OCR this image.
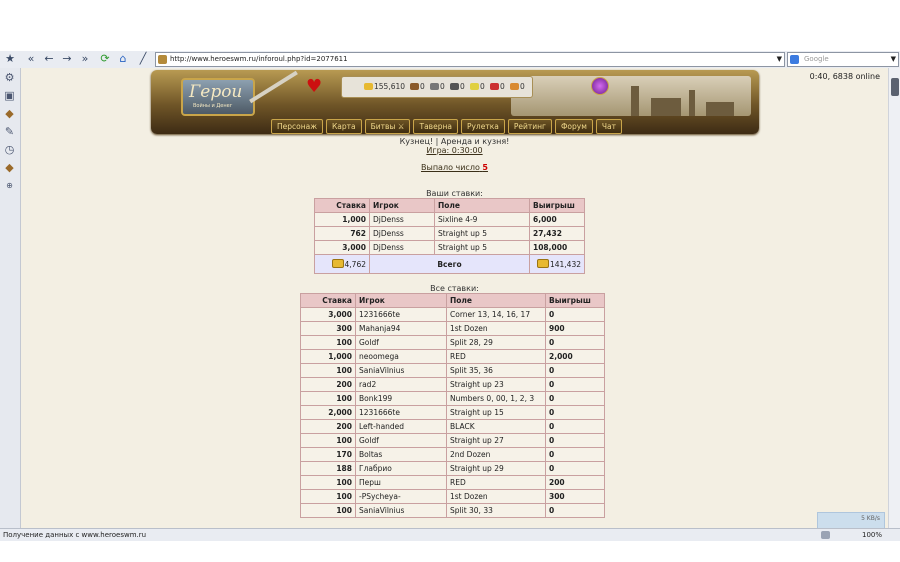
★	« ← → »	⟳ ⌂	╱	http://www.heroeswm.ru/inforoul.php?id=2077611	▼	Google	▼
⚙
▣
◆
✎
◷
◆
⊕
0:40, 6838 online
Герои
Войны и Денег
♥	155,610	0	0	0	0	0	0
Персонаж	Карта	Битвы ⚔	Таверна	Рулетка	Рейтинг	Форум	Чат
Кузнец! | Аренда и кузня!
Игра: 0:30:00
Выпало число 5
Ваши ставки:
Ставка	Игрок	Поле	Выигрыш
1,000	DjDenss	Sixline 4-9	6,000
762	DjDenss	Straight up 5	27,432
3,000	DjDenss	Straight up 5	108,000
4,762	Всего		141,432
Все ставки:
Ставка	Игрок	Поле	Выигрыш
3,000	1231666te	Corner 13, 14, 16, 17	0
300	Mahanja94	1st Dozen	900
100	Goldf	Split 28, 29	0
1,000	neoomega	RED	2,000
100	SaniaVilnius	Split 35, 36	0
200	rad2	Straight up 23	0
100	Bonk199	Numbers 0, 00, 1, 2, 3	0
2,000	1231666te	Straight up 15	0
200	Left-handed	BLACK	0
100	Goldf	Straight up 27	0
170	Boltas	2nd Dozen	0
188	Глабрио	Straight up 29	0
100	Перш	RED	200
100	-PSycheya-	1st Dozen	300
100	SaniaVilnius	Split 30, 33	0
5 KB/s
Получение данных с www.heroeswm.ru	100%
